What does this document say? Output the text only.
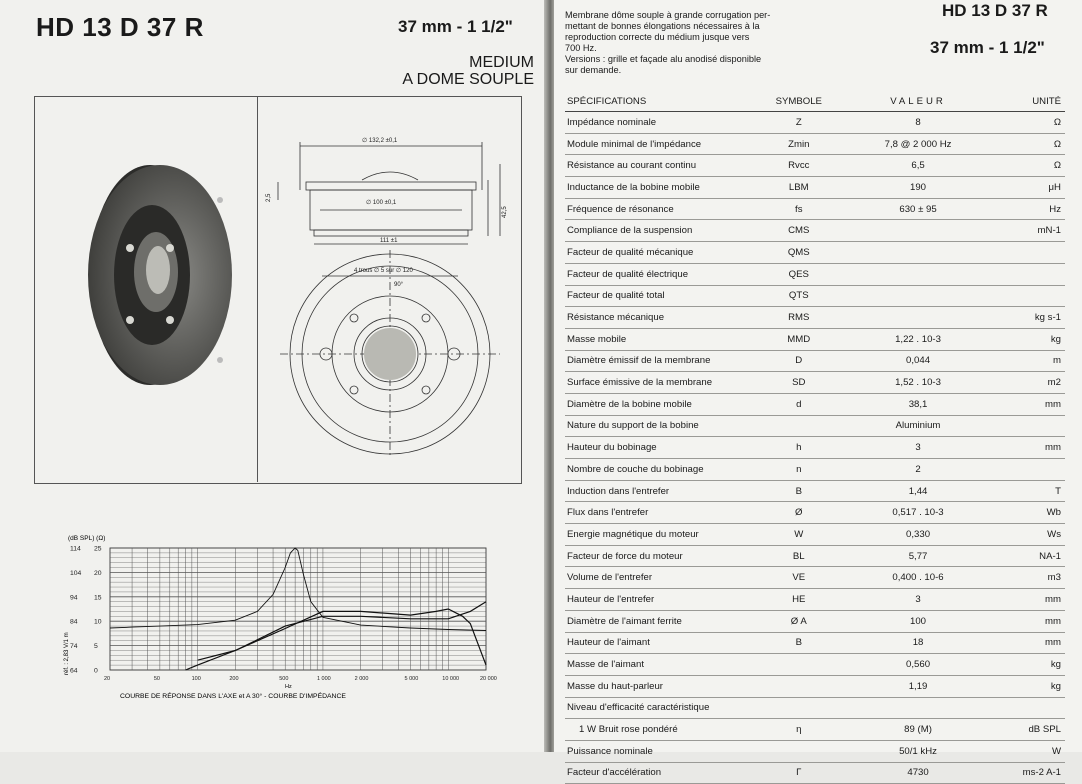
HD 13 D 37 R	37 mm - 1 1/2"
MEDIUM
A DOME SOUPLE
∅ 132,2 ±0,1
∅ 100 ±0,1
111 ±1
42,5
2,5
4 trous ∅ 5 sur ∅ 120
90°
(dB SPL) (Ω)
réf. : 2,83 V/1 m
114
104
94
84
74
64
25
20
15
10
5
0
20	50	100	200	500	1 000	2 000	5 000	10 000	20 000
Hz
COURBE DE RÉPONSE DANS L'AXE et A 30° - COURBE D'IMPÉDANCE
Membrane dôme souple à grande corrugation per-
mettant de bonnes élongations nécessaires à la
reproduction correcte du médium jusque vers
700 Hz.
Versions : grille et façade alu anodisé disponible
sur demande.
HD 13 D 37 R
37 mm - 1 1/2"
SPÉCIFICATIONS	SYMBOLE	VALEUR	UNITÉ
Impédance nominale	Z	8	Ω
Module minimal de l'impédance	Zmin	7,8 @ 2 000 Hz	Ω
Résistance au courant continu	Rvcc	6,5	Ω
Inductance de la bobine mobile	LBM	190	μH
Fréquence de résonance	fs	630 ± 95	Hz
Compliance de la suspension	CMS		mN-1
Facteur de qualité mécanique	QMS		
Facteur de qualité électrique	QES		
Facteur de qualité total	QTS		
Résistance mécanique	RMS		kg s-1
Masse mobile	MMD	1,22 . 10-3	kg
Diamètre émissif de la membrane	D	0,044	m
Surface émissive de la membrane	SD	1,52 . 10-3	m2
Diamètre de la bobine mobile	d	38,1	mm
Nature du support de la bobine		Aluminium	
Hauteur du bobinage	h	3	mm
Nombre de couche du bobinage	n	2	
Induction dans l'entrefer	B	1,44	T
Flux dans l'entrefer	Ø	0,517 . 10-3	Wb
Energie magnétique du moteur	W	0,330	Ws
Facteur de force du moteur	BL	5,77	NA-1
Volume de l'entrefer	VE	0,400 . 10-6	m3
Hauteur de l'entrefer	HE	3	mm
Diamètre de l'aimant ferrite	Ø A	100	mm
Hauteur de l'aimant	B	18	mm
Masse de l'aimant		0,560	kg
Masse du haut-parleur		1,19	kg
Niveau d'efficacité caractéristique			
1 W Bruit rose pondéré	η	89 (M)	dB SPL
Puissance nominale		50/1 kHz	W
Facteur d'accélération	Γ	4730	ms-2 A-1
